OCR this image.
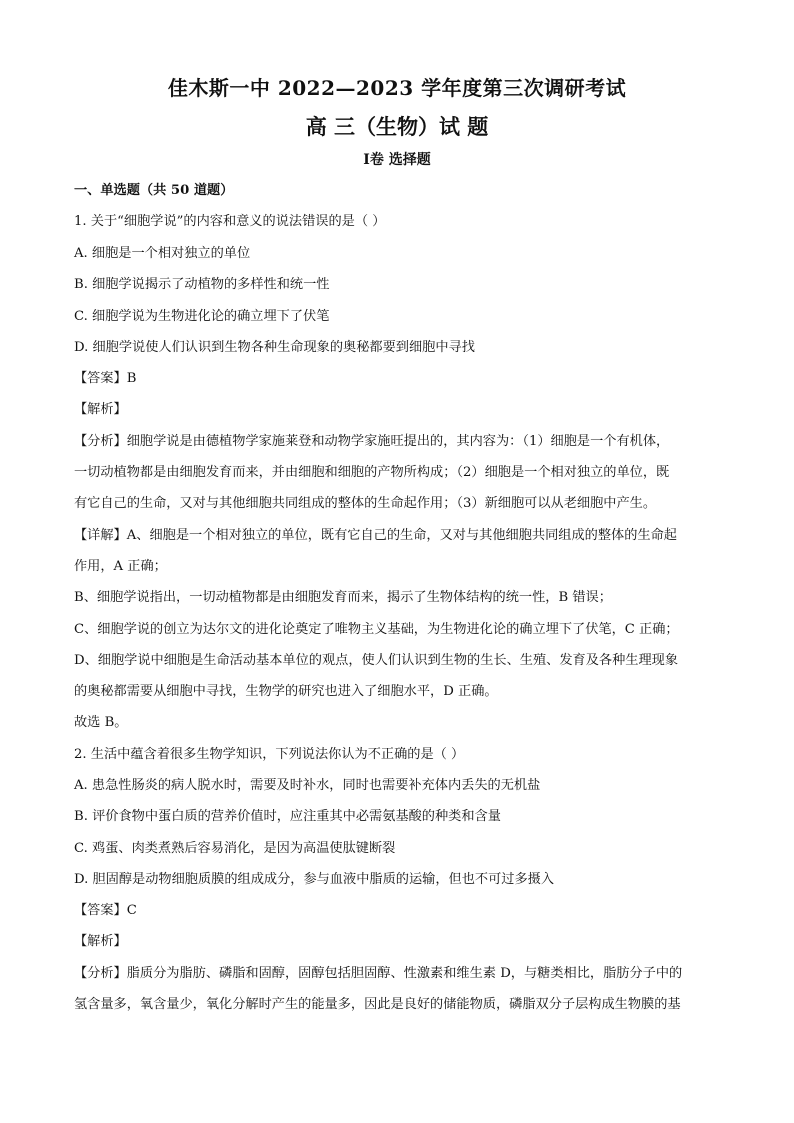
佳木斯一中 2022—2023 学年度第三次调研考试
高 三（生物）试 题
Ⅰ卷 选择题
一、单选题（共 50 道题）
1. 关于“细胞学说”的内容和意义的说法错误的是（ ）
A. 细胞是一个相对独立的单位
B. 细胞学说揭示了动植物的多样性和统一性
C. 细胞学说为生物进化论的确立埋下了伏笔
D. 细胞学说使人们认识到生物各种生命现象的奥秘都要到细胞中寻找
【答案】B
【解析】
【分析】细胞学说是由德植物学家施莱登和动物学家施旺提出的，其内容为：（1）细胞是一个有机体，
一切动植物都是由细胞发育而来，并由细胞和细胞的产物所构成；（2）细胞是一个相对独立的单位，既
有它自己的生命，又对与其他细胞共同组成的整体的生命起作用；（3）新细胞可以从老细胞中产生。
【详解】A、细胞是一个相对独立的单位，既有它自己的生命，又对与其他细胞共同组成的整体的生命起
作用，A 正确；
B、细胞学说指出，一切动植物都是由细胞发育而来，揭示了生物体结构的统一性，B 错误；
C、细胞学说的创立为达尔文的进化论奠定了唯物主义基础，为生物进化论的确立埋下了伏笔，C 正确；
D、细胞学说中细胞是生命活动基本单位的观点，使人们认识到生物的生长、生殖、发育及各种生理现象
的奥秘都需要从细胞中寻找，生物学的研究也进入了细胞水平，D 正确。
故选 B。
2. 生活中蕴含着很多生物学知识，下列说法你认为不正确的是（ ）
A. 患急性肠炎的病人脱水时，需要及时补水，同时也需要补充体内丢失的无机盐
B. 评价食物中蛋白质的营养价值时，应注重其中必需氨基酸的种类和含量
C. 鸡蛋、肉类煮熟后容易消化，是因为高温使肽键断裂
D. 胆固醇是动物细胞质膜的组成成分，参与血液中脂质的运输，但也不可过多摄入
【答案】C
【解析】
【分析】脂质分为脂肪、磷脂和固醇，固醇包括胆固醇、性激素和维生素 D，与糖类相比，脂肪分子中的
氢含量多，氧含量少，氧化分解时产生的能量多，因此是良好的储能物质，磷脂双分子层构成生物膜的基
